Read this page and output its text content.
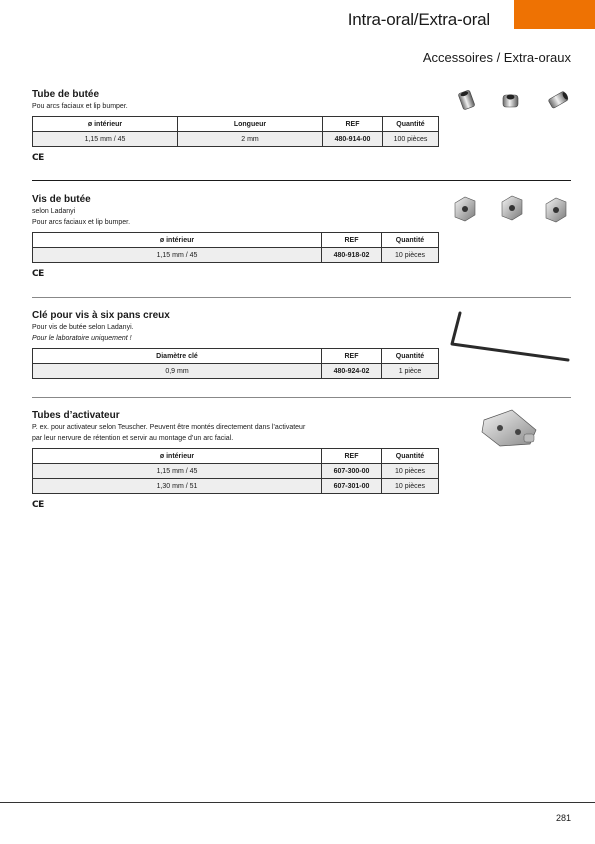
Intra-oral/Extra-oral
Accessoires / Extra-oraux

Tube de butée

Pou arcs faciaux et lip bumper.

ø intérieur	Longueur	REF	Quantité
1,15 mm / 45	2 mm	480-914-00	100 pièces
CE

Vis de butée

selon Ladanyi

Pour arcs faciaux et lip bumper.

ø intérieur	REF	Quantité
1,15 mm / 45	480-918-02	10 pièces
CE

Clé pour vis à six pans creux

Pour vis de butée selon Ladanyi.

Pour le laboratoire uniquement !

Diamètre clé	REF	Quantité
0,9 mm	480-924-02	1 pièce

Tubes d’activateur

P. ex. pour activateur selon Teuscher. Peuvent être montés directement dans l’activateur

par leur nervure de rétention et servir au montage d’un arc facial.

ø intérieur	REF	Quantité
1,15 mm / 45	607-300-00	10 pièces
1,30 mm / 51	607-301-00	10 pièces
CE
281
